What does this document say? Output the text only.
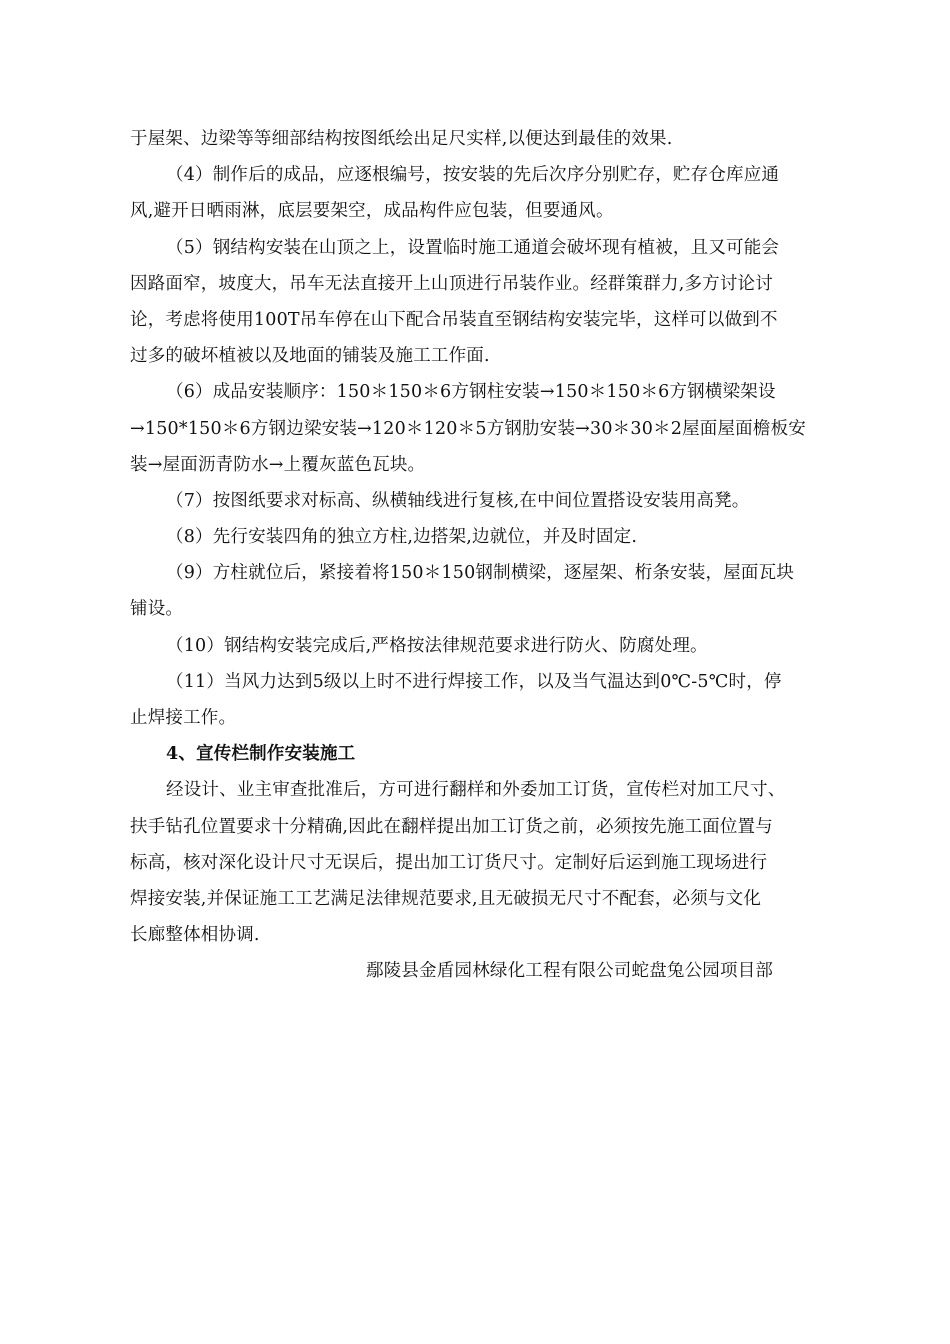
于屋架、边梁等等细部结构按图纸绘出足尺实样,以便达到最佳的效果.
（4）制作后的成品，应逐根编号，按安装的先后次序分别贮存，贮存仓库应通
风,避开日晒雨淋，底层要架空，成品构件应包装，但要通风。
（5）钢结构安装在山顶之上，设置临时施工通道会破坏现有植被，且又可能会
因路面窄，坡度大，吊车无法直接开上山顶进行吊装作业。经群策群力,多方讨论讨
论，考虑将使用100T吊车停在山下配合吊装直至钢结构安装完毕，这样可以做到不
过多的破坏植被以及地面的铺装及施工工作面.
（6）成品安装顺序：150＊150＊6方钢柱安装→150＊150＊6方钢横梁架设
→150*150＊6方钢边梁安装→120＊120＊5方钢肋安装→30＊30＊2屋面屋面檐板安
装→屋面沥青防水→上覆灰蓝色瓦块。
（7）按图纸要求对标高、纵横轴线进行复核,在中间位置搭设安装用高凳。
（8）先行安装四角的独立方柱,边搭架,边就位，并及时固定.
（9）方柱就位后，紧接着将150＊150钢制横梁，逐屋架、桁条安装，屋面瓦块
铺设。
（10）钢结构安装完成后,严格按法律规范要求进行防火、防腐处理。
（11）当风力达到5级以上时不进行焊接工作，以及当气温达到0℃-5℃时，停
止焊接工作。
4、宣传栏制作安装施工
经设计、业主审查批准后，方可进行翻样和外委加工订货，宣传栏对加工尺寸、
扶手钻孔位置要求十分精确,因此在翻样提出加工订货之前，必须按先施工面位置与
标高，核对深化设计尺寸无误后，提出加工订货尺寸。定制好后运到施工现场进行
焊接安装,并保证施工工艺满足法律规范要求,且无破损无尺寸不配套，必须与文化
长廊整体相协调.
鄢陵县金盾园林绿化工程有限公司蛇盘兔公园项目部
